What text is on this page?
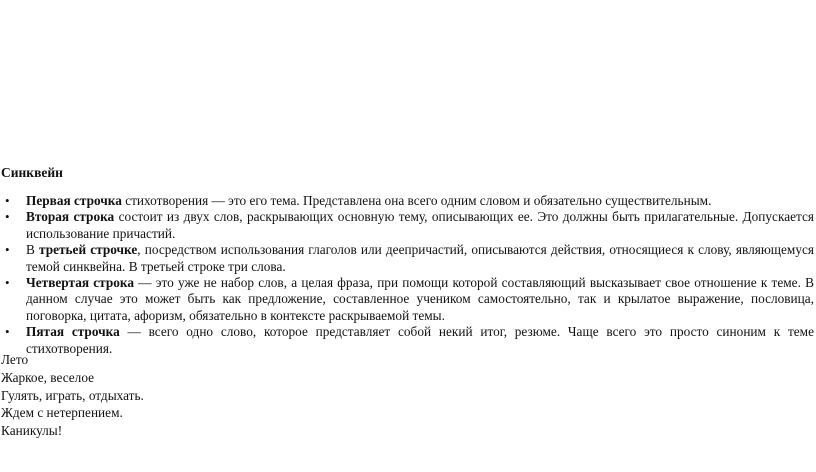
Синквейн
• Первая строчка стихотворения — это его тема. Представлена она всего одним словом и обязательно существительным.
• Вторая строка состоит из двух слов, раскрывающих основную тему, описывающих ее. Это должны быть прилагательные. Допускается использование причастий.
• В третьей строчке, посредством использования глаголов или деепричастий, описываются действия, относящиеся к слову, являющемуся темой синквейна. В третьей строке три слова.
• Четвертая строка — это уже не набор слов, а целая фраза, при помощи которой составляющий высказывает свое отношение к теме. В данном случае это может быть как предложение, составленное учеником самостоятельно, так и крылатое выражение, пословица, поговорка, цитата, афоризм, обязательно в контексте раскрываемой темы.
• Пятая строчка — всего одно слово, которое представляет собой некий итог, резюме. Чаще всего это просто синоним к теме стихотворения.
Лето
Жаркое, веселое
Гулять, играть, отдыхать.
Ждем с нетерпением.
Каникулы!
